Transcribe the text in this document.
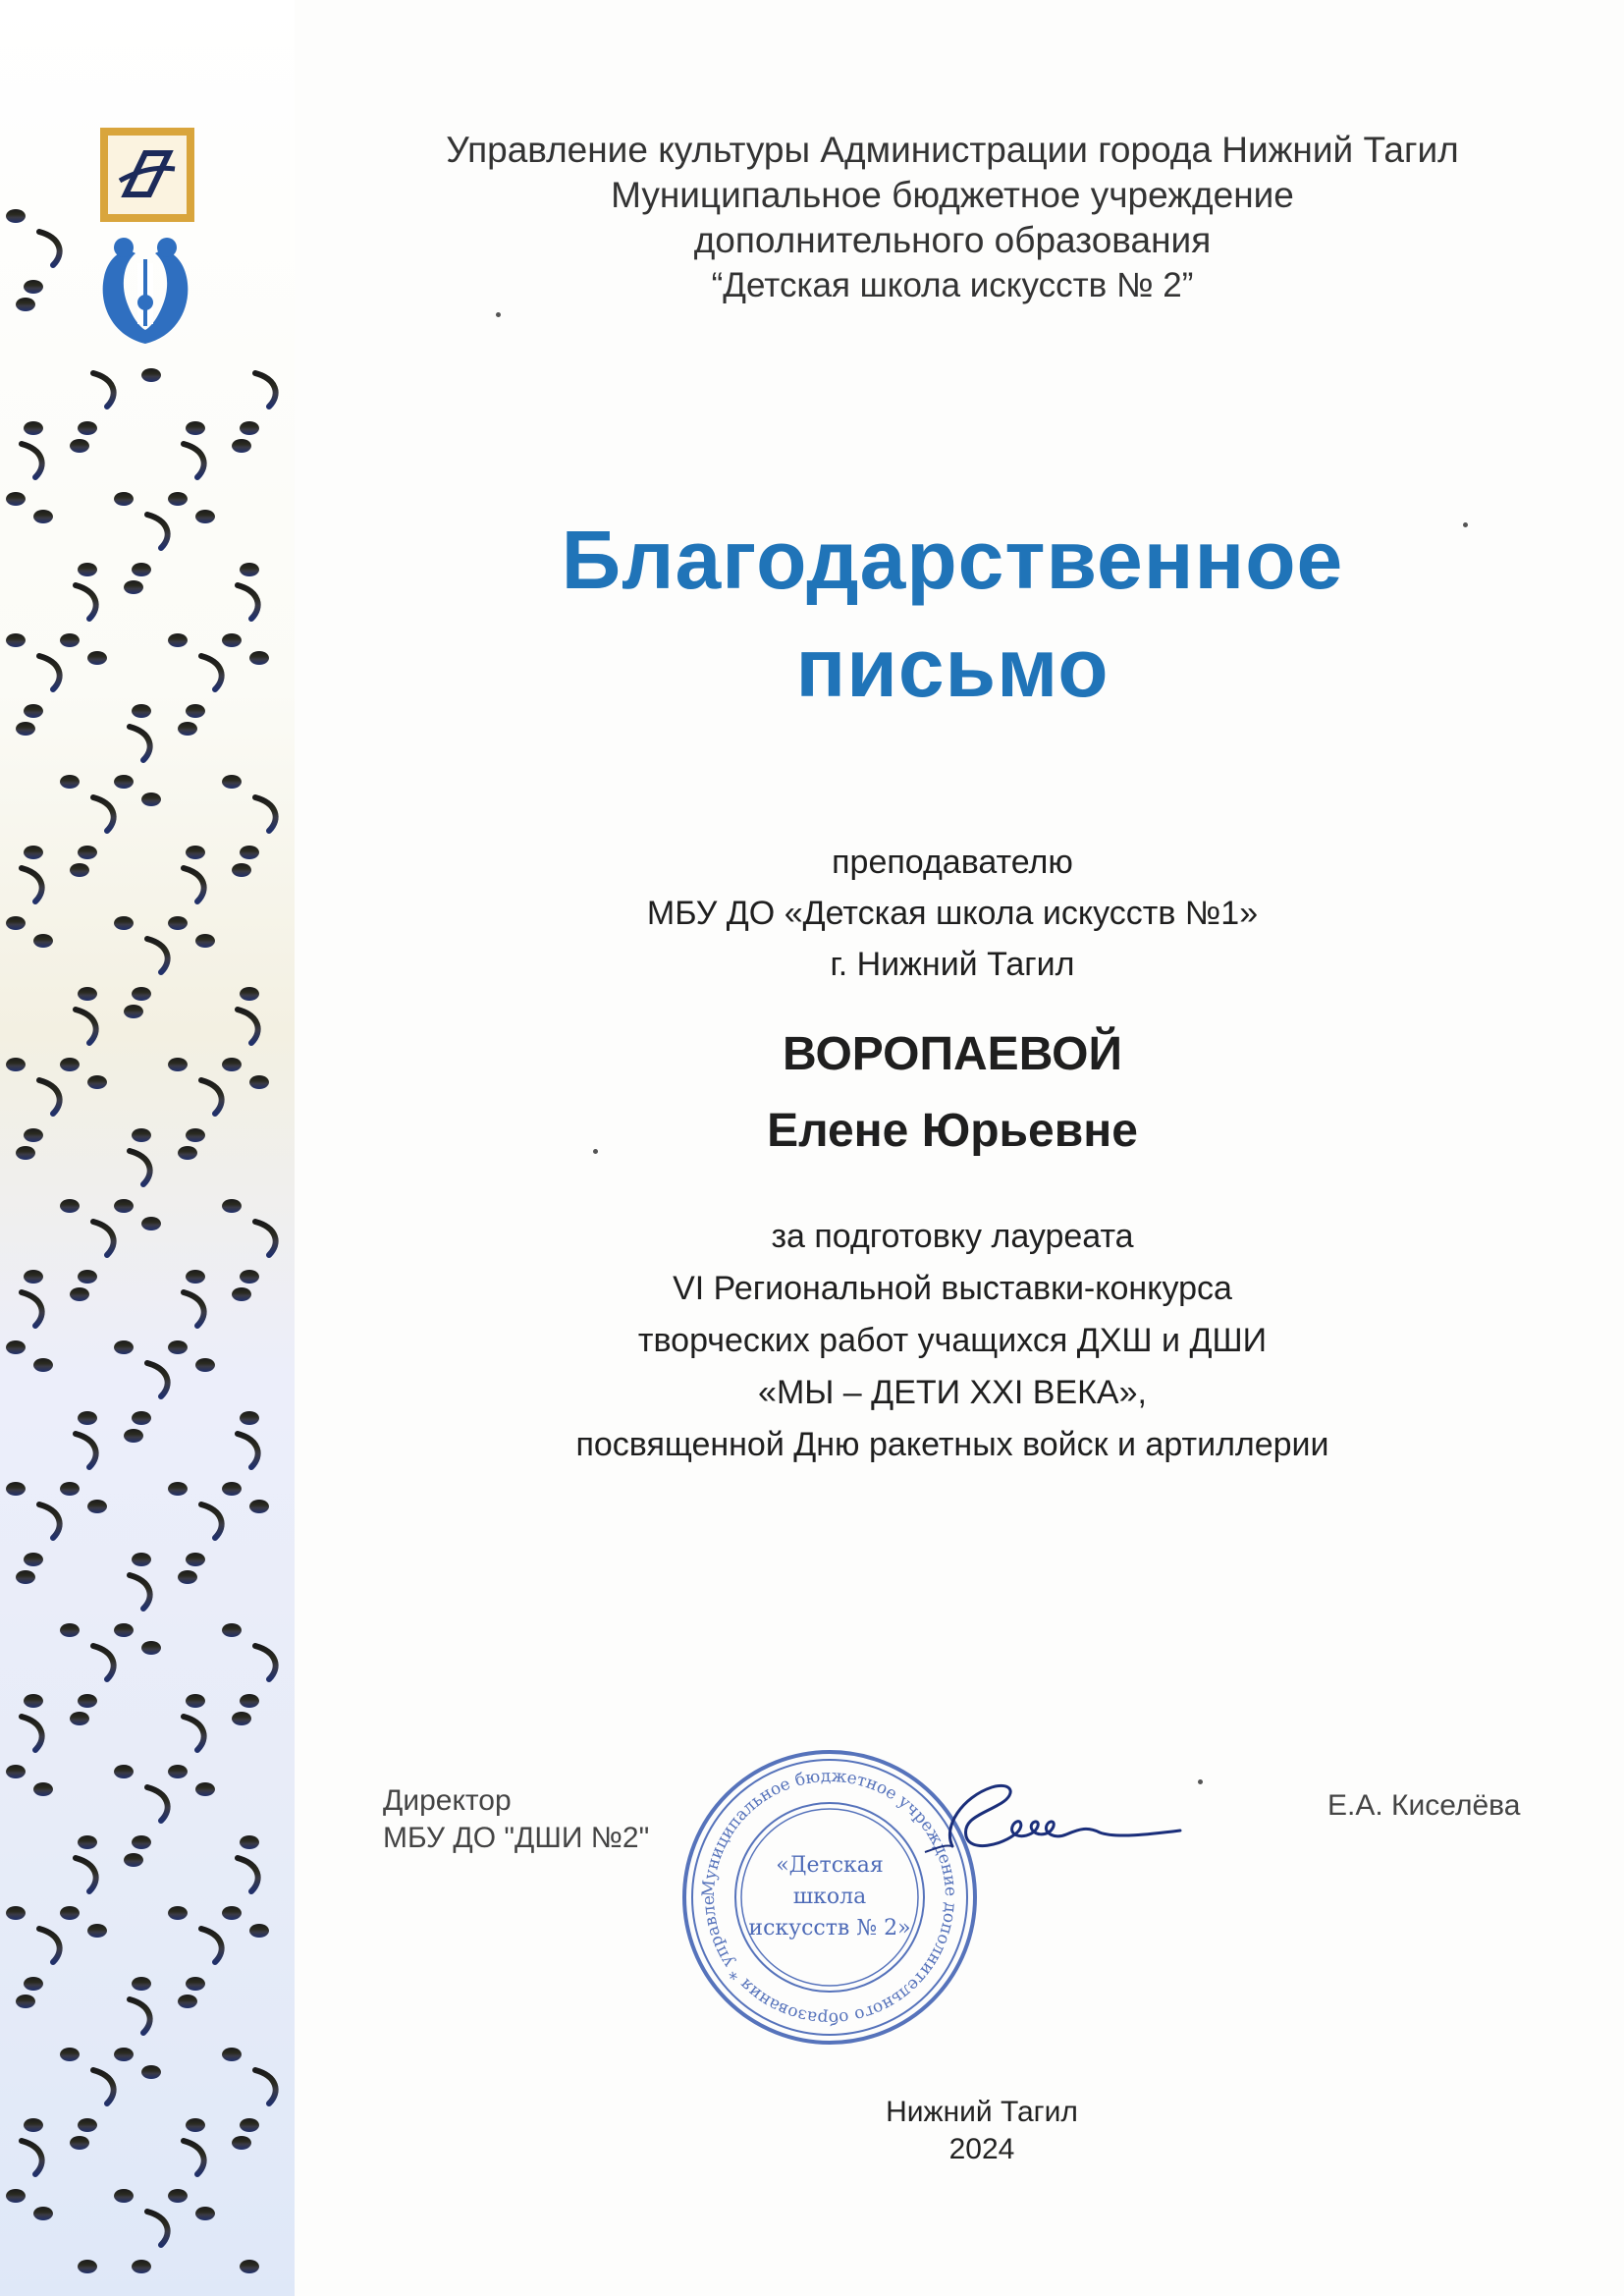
Управление культуры Администрации города Нижний Тагил
Муниципальное бюджетное учреждение
дополнительного образования
“Детская школа искусств № 2”
Благодарственное
письмо
преподавателю
МБУ ДО «Детская школа искусств №1»
г. Нижний Тагил
ВОРОПАЕВОЙ
Елене Юрьевне
за подготовку лауреата
VI Региональной выставки-конкурса
творческих работ учащихся ДХШ и ДШИ
«МЫ – ДЕТИ XXI ВЕКА»,
посвященной Дню ракетных войск и артиллерии
Директор
МБУ ДО "ДШИ №2"
Муниципальное бюджетное учреждение дополнительного образования * управле
«Детская школа искусств № 2»
Е.А. Киселёва
Нижний Тагил
2024
